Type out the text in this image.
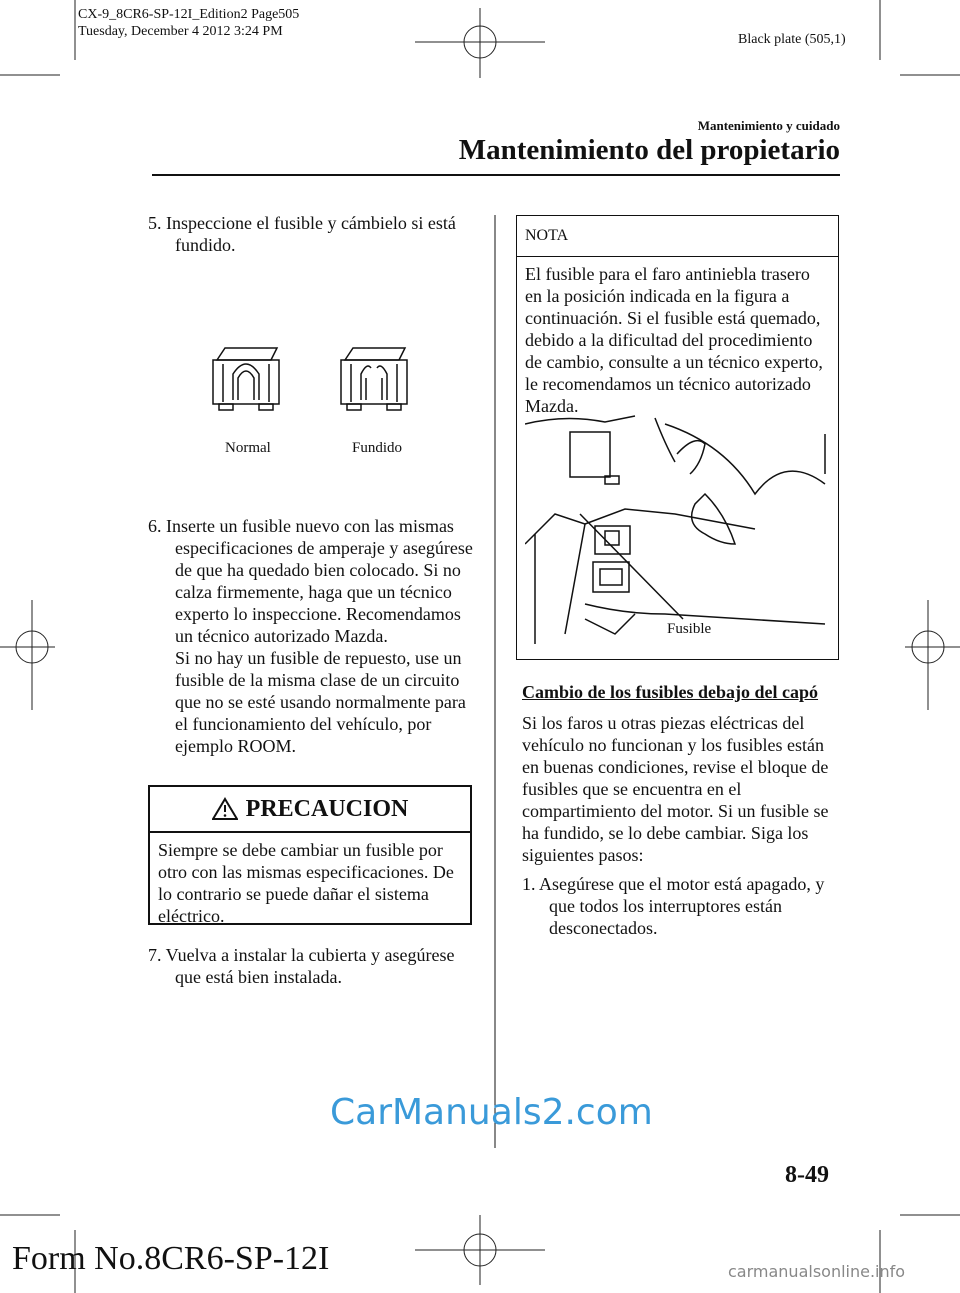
CX-9_8CR6-SP-12I_Edition2 Page505
Tuesday, December 4 2012 3:24 PM
Black plate (505,1)
Mantenimiento y cuidado
Mantenimiento del propietario

5. Inspeccione el fusible y cámbielo si está fundido.

Normal	Fundido

6. Inserte un fusible nuevo con las mismas especificaciones de amperaje y asegúrese de que ha quedado bien colocado. Si no calza firmemente, haga que un técnico experto lo inspeccione. Recomendamos un técnico autorizado Mazda.

Si no hay un fusible de repuesto, use un fusible de la misma clase de un circuito que no se esté usando normalmente para el funcionamiento del vehículo, por ejemplo ROOM.

PRECAUCION
Siempre se debe cambiar un fusible por otro con las mismas especificaciones. De lo contrario se puede dañar el sistema eléctrico.

7. Vuelva a instalar la cubierta y asegúrese que está bien instalada.

NOTA
El fusible para el faro antiniebla trasero en la posición indicada en la figura a continuación. Si el fusible está quemado, debido a la dificultad del procedimiento de cambio, consulte a un técnico experto, le recomendamos un técnico autorizado Mazda.
Fusible
Cambio de los fusibles debajo del capó
Si los faros u otras piezas eléctricas del vehículo no funcionan y los fusibles están en buenas condiciones, revise el bloque de fusibles que se encuentra en el compartimiento del motor. Si un fusible se ha fundido, se lo debe cambiar. Siga los siguientes pasos:

1. Asegúrese que el motor está apagado, y que todos los interruptores están desconectados.

8-49
CarManuals2.com
Form No.8CR6-SP-12I	carmanualsonline.info
